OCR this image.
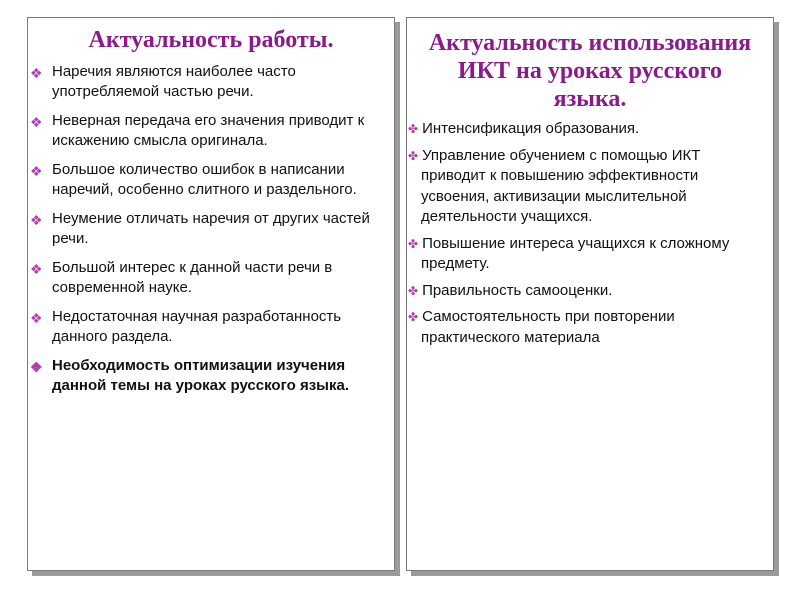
Актуальность работы.
❖ Наречия являются наиболее часто употребляемой частью речи.
❖ Неверная передача его значения приводит к искажению смысла оригинала.
❖ Большое количество ошибок в написании наречий, особенно слитного и раздельного.
❖ Неумение отличать наречия от других частей речи.
❖ Большой интерес к данной части речи в современной науке.
❖ Недостаточная научная разработанность данного раздела.
❖ Необходимость оптимизации изучения данной темы на уроках русского языка.
Актуальность использования
ИКТ на уроках русского
языка.
✤ Интенсификация образования.
✤ Управление обучением с помощью ИКТ приводит к повышению эффективности усвоения, активизации мыслительной деятельности учащихся.
✤ Повышение интереса учащихся к сложному предмету.
✤ Правильность самооценки.
✤ Самостоятельность при повторении практического материала
